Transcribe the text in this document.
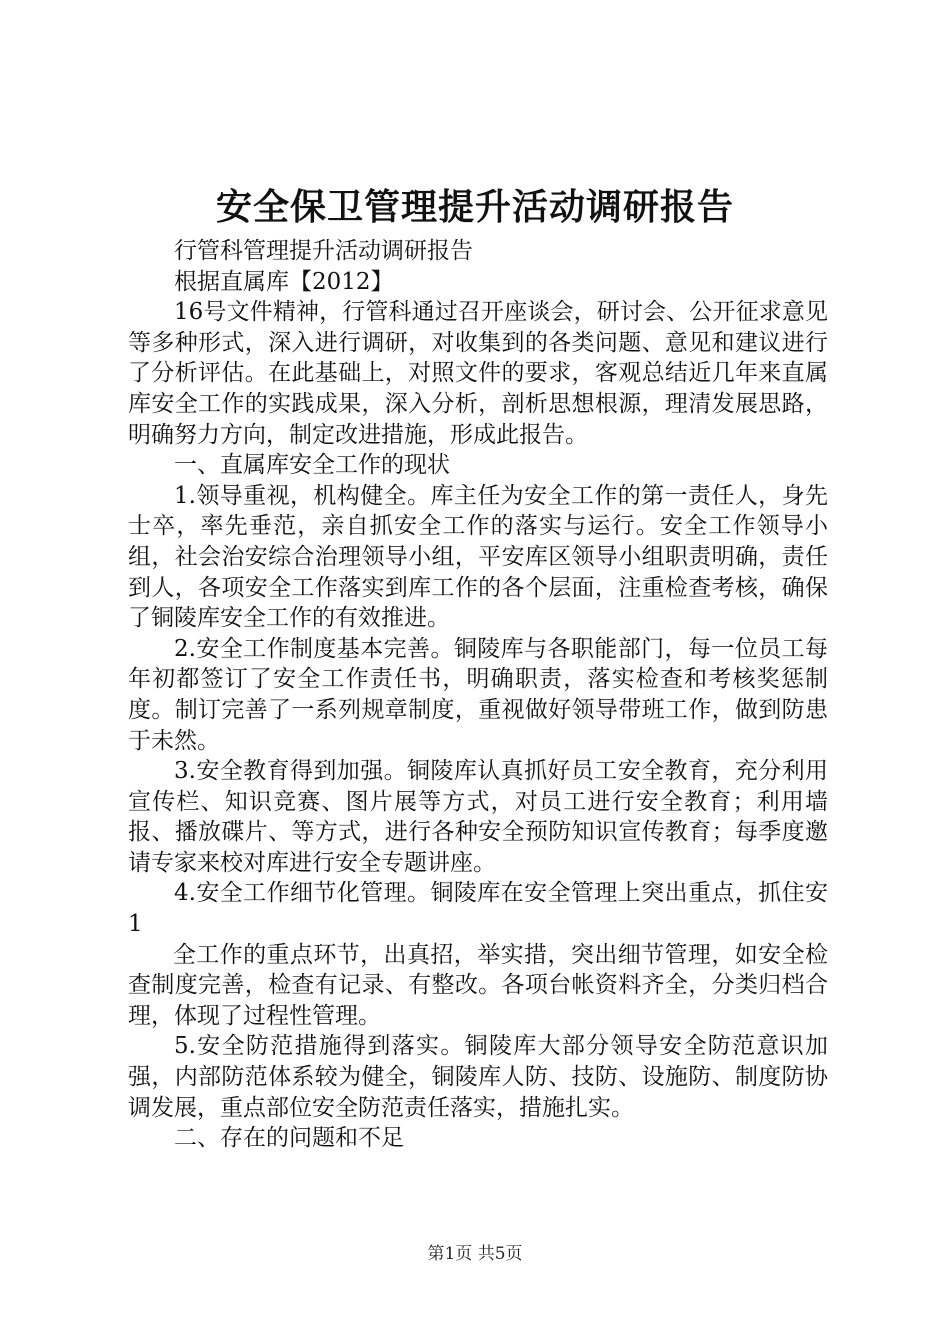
安全保卫管理提升活动调研报告

行管科管理提升活动调研报告

根据直属库【2012】

16号文件精神，行管科通过召开座谈会，研讨会、公开征求意见等多种形式，深入进行调研，对收集到的各类问题、意见和建议进行了分析评估。在此基础上，对照文件的要求，客观总结近几年来直属库安全工作的实践成果，深入分析，剖析思想根源，理清发展思路，明确努力方向，制定改进措施，形成此报告。

一、直属库安全工作的现状

1.领导重视，机构健全。库主任为安全工作的第一责任人，身先士卒，率先垂范，亲自抓安全工作的落实与运行。安全工作领导小组，社会治安综合治理领导小组，平安库区领导小组职责明确，责任到人，各项安全工作落实到库工作的各个层面，注重检查考核，确保了铜陵库安全工作的有效推进。

2.安全工作制度基本完善。铜陵库与各职能部门，每一位员工每年初都签订了安全工作责任书，明确职责，落实检查和考核奖惩制度。制订完善了一系列规章制度，重视做好领导带班工作，做到防患于未然。

3.安全教育得到加强。铜陵库认真抓好员工安全教育，充分利用宣传栏、知识竞赛、图片展等方式，对员工进行安全教育；利用墙报、播放碟片、等方式，进行各种安全预防知识宣传教育；每季度邀请专家来校对库进行安全专题讲座。

4.安全工作细节化管理。铜陵库在安全管理上突出重点，抓住安1

全工作的重点环节，出真招，举实措，突出细节管理，如安全检查制度完善，检查有记录、有整改。各项台帐资料齐全，分类归档合理，体现了过程性管理。

5.安全防范措施得到落实。铜陵库大部分领导安全防范意识加强，内部防范体系较为健全，铜陵库人防、技防、设施防、制度防协调发展，重点部位安全防范责任落实，措施扎实。

二、存在的问题和不足

第1页 共5页
